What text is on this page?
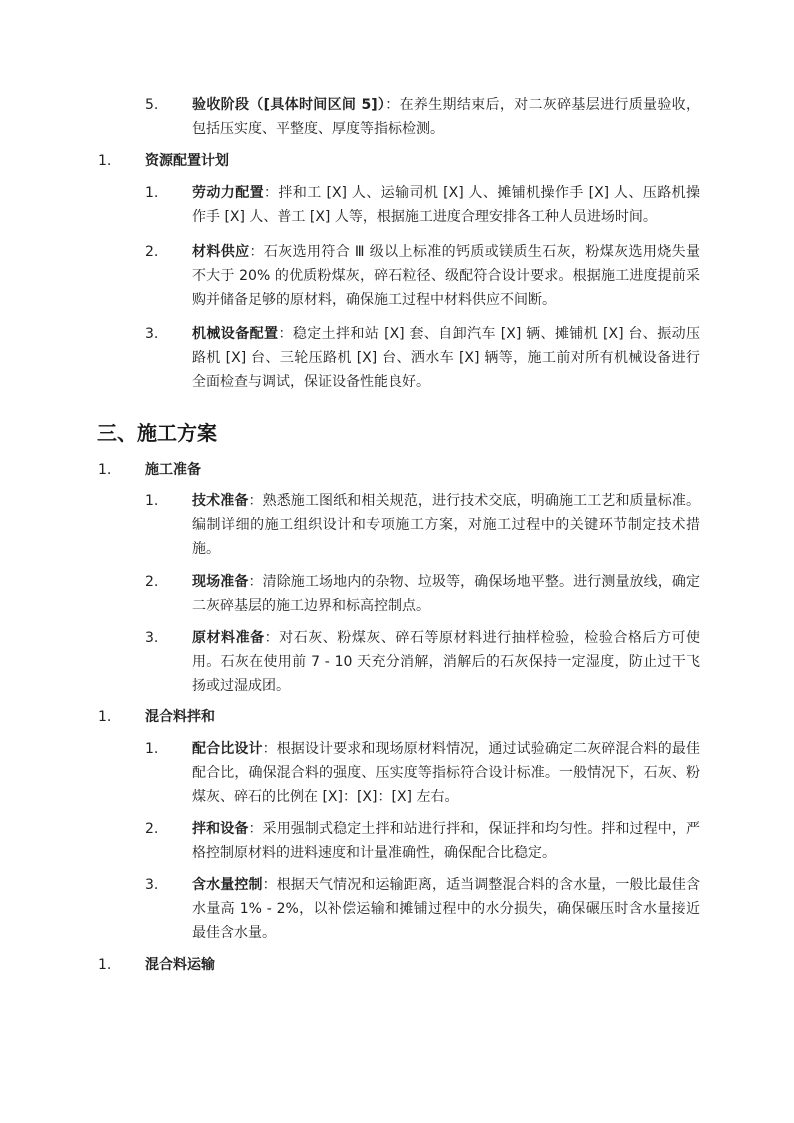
5. 验收阶段（[具体时间区间 5]）：在养生期结束后，对二灰碎基层进行质量验收，包括压实度、平整度、厚度等指标检测。
1. 资源配置计划
1. 劳动力配置：拌和工 [X] 人、运输司机 [X] 人、摊铺机操作手 [X] 人、压路机操作手 [X] 人、普工 [X] 人等，根据施工进度合理安排各工种人员进场时间。
2. 材料供应：石灰选用符合 Ⅲ 级以上标准的钙质或镁质生石灰，粉煤灰选用烧失量不大于 20% 的优质粉煤灰，碎石粒径、级配符合设计要求。根据施工进度提前采购并储备足够的原材料，确保施工过程中材料供应不间断。
3. 机械设备配置：稳定土拌和站 [X] 套、自卸汽车 [X] 辆、摊铺机 [X] 台、振动压路机 [X] 台、三轮压路机 [X] 台、洒水车 [X] 辆等，施工前对所有机械设备进行全面检查与调试，保证设备性能良好。
三、施工方案
1. 施工准备
1. 技术准备：熟悉施工图纸和相关规范，进行技术交底，明确施工工艺和质量标准。编制详细的施工组织设计和专项施工方案，对施工过程中的关键环节制定技术措施。
2. 现场准备：清除施工场地内的杂物、垃圾等，确保场地平整。进行测量放线，确定二灰碎基层的施工边界和标高控制点。
3. 原材料准备：对石灰、粉煤灰、碎石等原材料进行抽样检验，检验合格后方可使用。石灰在使用前 7 - 10 天充分消解，消解后的石灰保持一定湿度，防止过干飞扬或过湿成团。
1. 混合料拌和
1. 配合比设计：根据设计要求和现场原材料情况，通过试验确定二灰碎混合料的最佳配合比，确保混合料的强度、压实度等指标符合设计标准。一般情况下，石灰、粉煤灰、碎石的比例在 [X]：[X]：[X] 左右。
2. 拌和设备：采用强制式稳定土拌和站进行拌和，保证拌和均匀性。拌和过程中，严格控制原材料的进料速度和计量准确性，确保配合比稳定。
3. 含水量控制：根据天气情况和运输距离，适当调整混合料的含水量，一般比最佳含水量高 1% - 2%，以补偿运输和摊铺过程中的水分损失，确保碾压时含水量接近最佳含水量。
1. 混合料运输
